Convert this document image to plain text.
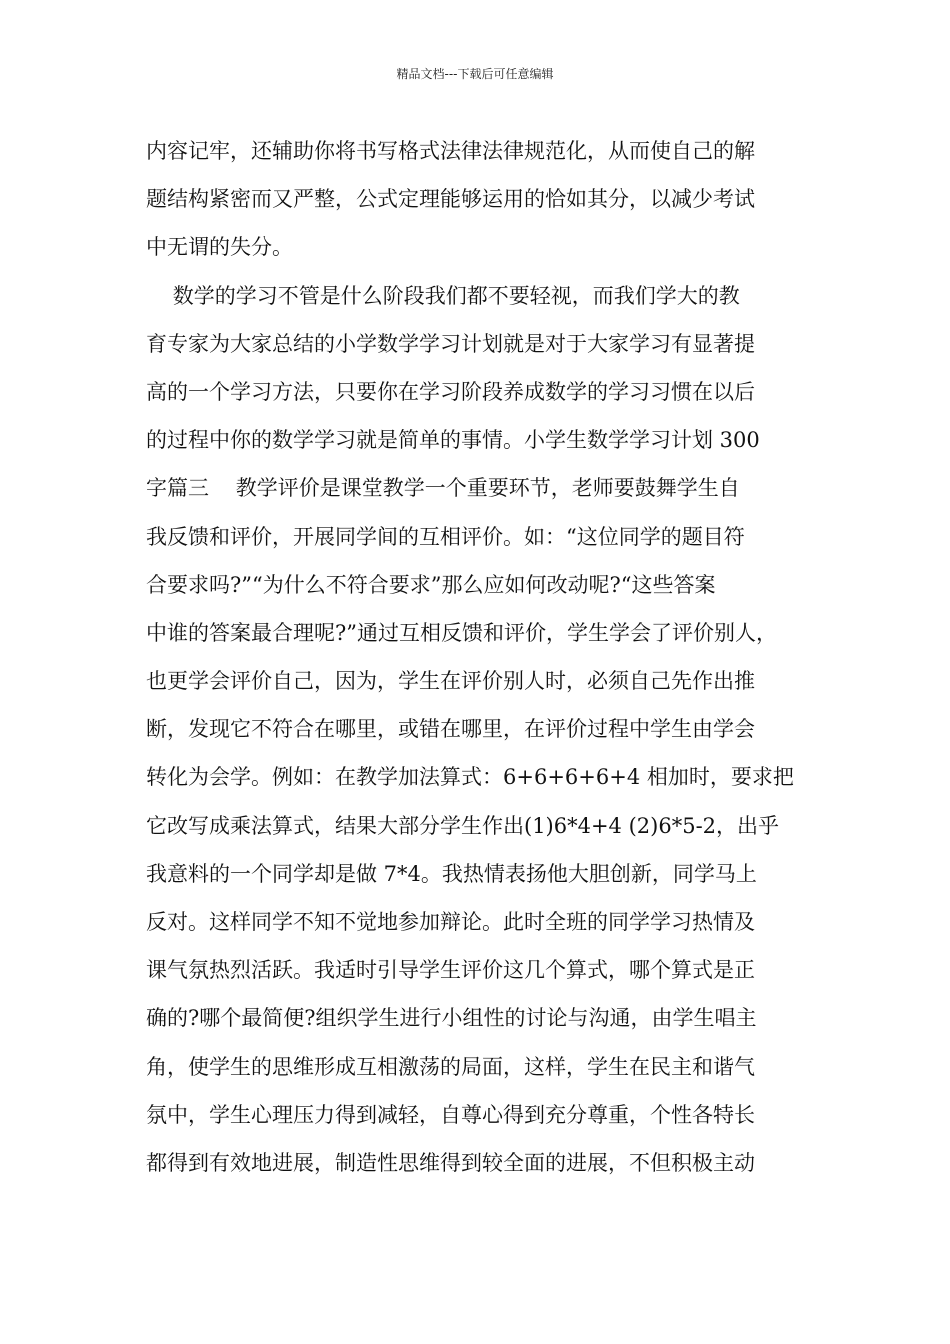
精品文档---下载后可任意编辑
内容记牢，还辅助你将书写格式法律法律规范化，从而使自己的解
题结构紧密而又严整，公式定理能够运用的恰如其分，以减少考试
中无谓的失分。
数学的学习不管是什么阶段我们都不要轻视，而我们学大的教
育专家为大家总结的小学数学学习计划就是对于大家学习有显著提
高的一个学习方法，只要你在学习阶段养成数学的学习习惯在以后
的过程中你的数学学习就是简单的事情。小学生数学学习计划 300
字篇三    教学评价是课堂教学一个重要环节，老师要鼓舞学生自
我反馈和评价，开展同学间的互相评价。如：“这位同学的题目符
合要求吗?”“为什么不符合要求”那么应如何改动呢?“这些答案
中谁的答案最合理呢?”通过互相反馈和评价，学生学会了评价别人，
也更学会评价自己，因为，学生在评价别人时，必须自己先作出推
断，发现它不符合在哪里，或错在哪里，在评价过程中学生由学会
转化为会学。例如：在教学加法算式：6+6+6+6+4 相加时，要求把
它改写成乘法算式，结果大部分学生作出(1)6*4+4 (2)6*5-2，出乎
我意料的一个同学却是做 7*4。我热情表扬他大胆创新，同学马上
反对。这样同学不知不觉地参加辩论。此时全班的同学学习热情及
课气氛热烈活跃。我适时引导学生评价这几个算式，哪个算式是正
确的?哪个最简便?组织学生进行小组性的讨论与沟通，由学生唱主
角，使学生的思维形成互相激荡的局面，这样，学生在民主和谐气
氛中，学生心理压力得到减轻，自尊心得到充分尊重，个性各特长
都得到有效地进展，制造性思维得到较全面的进展，不但积极主动
